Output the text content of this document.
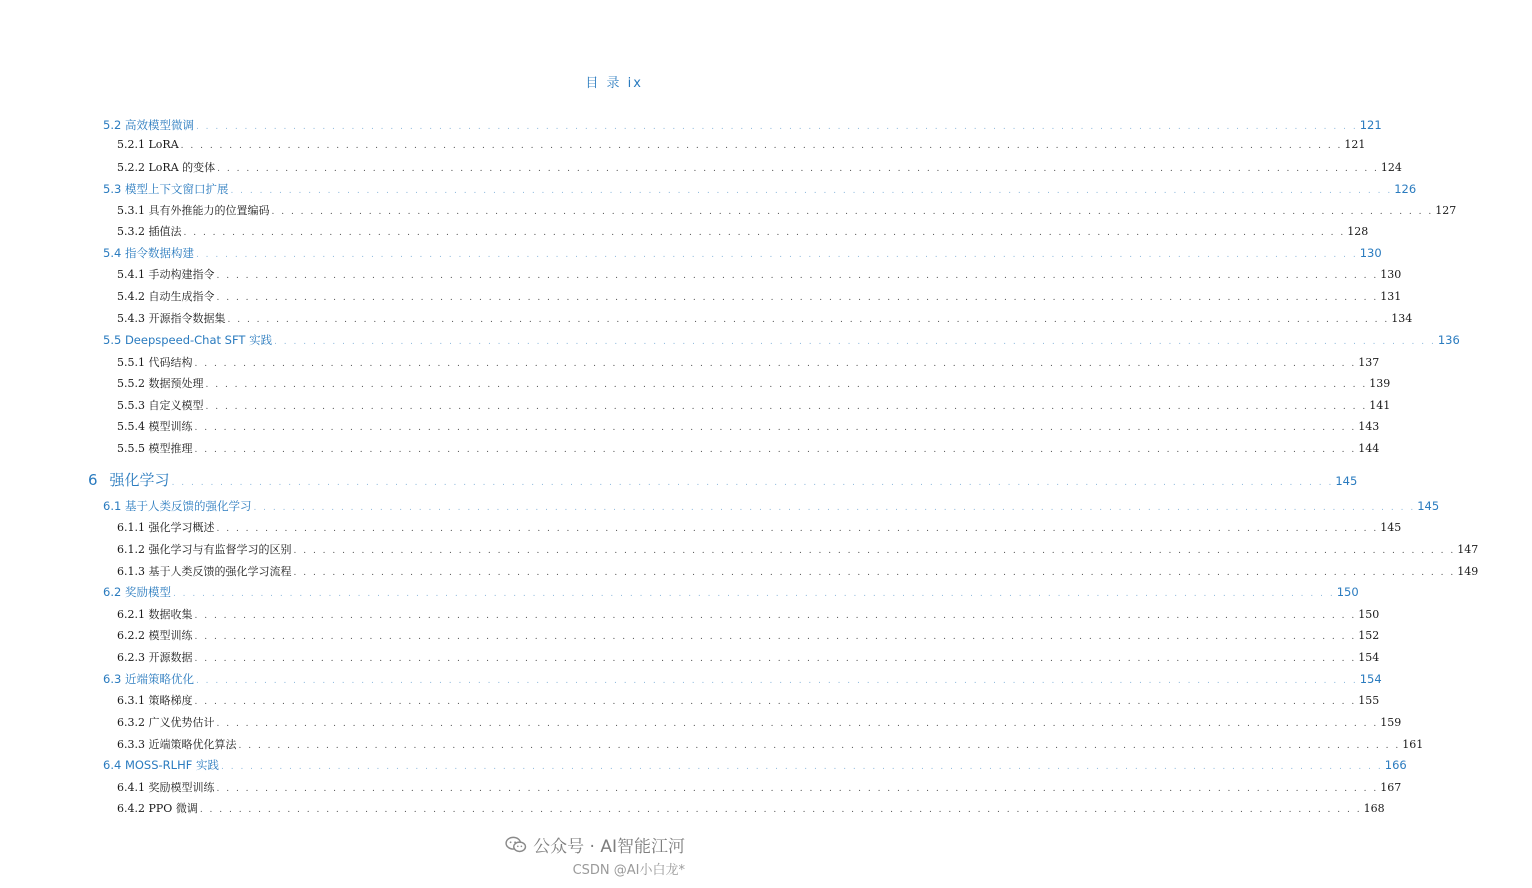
目 录 ix
5.2 高效模型微调 . . . . . . . . . . . . . . . . . . . . . . . . . . . . . . . . . . . . . . . . . . . . . . . . . . . . . . . . . . . . . . . . . . . . . . . . . . . . . . . . . . . . . . . . . . . . . . . . . . . . . . . . . . . . . . . . . . . . . . . . 121
5.2.1 LoRA . . . . . . . . . . . . . . . . . . . . . . . . . . . . . . . . . . . . . . . . . . . . . . . . . . . . . . . . . . . . . . . . . . . . . . . . . . . . . . . . . . . . . . . . . . . . . . . . . . . . . . . . . . . . . . . . . . . . . . . . 121
5.2.2 LoRA 的变体 . . . . . . . . . . . . . . . . . . . . . . . . . . . . . . . . . . . . . . . . . . . . . . . . . . . . . . . . . . . . . . . . . . . . . . . . . . . . . . . . . . . . . . . . . . . . . . . . . . . . . . . . . . . . . . . . . . . . . . . . 124
5.3 模型上下文窗口扩展 . . . . . . . . . . . . . . . . . . . . . . . . . . . . . . . . . . . . . . . . . . . . . . . . . . . . . . . . . . . . . . . . . . . . . . . . . . . . . . . . . . . . . . . . . . . . . . . . . . . . . . . . . . . . . . . . . . . . . . . . 126
5.3.1 具有外推能力的位置编码 . . . . . . . . . . . . . . . . . . . . . . . . . . . . . . . . . . . . . . . . . . . . . . . . . . . . . . . . . . . . . . . . . . . . . . . . . . . . . . . . . . . . . . . . . . . . . . . . . . . . . . . . . . . . . . . . . . . . . . . . 127
5.3.2 插值法 . . . . . . . . . . . . . . . . . . . . . . . . . . . . . . . . . . . . . . . . . . . . . . . . . . . . . . . . . . . . . . . . . . . . . . . . . . . . . . . . . . . . . . . . . . . . . . . . . . . . . . . . . . . . . . . . . . . . . . . . 128
5.4 指令数据构建 . . . . . . . . . . . . . . . . . . . . . . . . . . . . . . . . . . . . . . . . . . . . . . . . . . . . . . . . . . . . . . . . . . . . . . . . . . . . . . . . . . . . . . . . . . . . . . . . . . . . . . . . . . . . . . . . . . . . . . . . 130
5.4.1 手动构建指令 . . . . . . . . . . . . . . . . . . . . . . . . . . . . . . . . . . . . . . . . . . . . . . . . . . . . . . . . . . . . . . . . . . . . . . . . . . . . . . . . . . . . . . . . . . . . . . . . . . . . . . . . . . . . . . . . . . . . . . . . 130
5.4.2 自动生成指令 . . . . . . . . . . . . . . . . . . . . . . . . . . . . . . . . . . . . . . . . . . . . . . . . . . . . . . . . . . . . . . . . . . . . . . . . . . . . . . . . . . . . . . . . . . . . . . . . . . . . . . . . . . . . . . . . . . . . . . . . 131
5.4.3 开源指令数据集 . . . . . . . . . . . . . . . . . . . . . . . . . . . . . . . . . . . . . . . . . . . . . . . . . . . . . . . . . . . . . . . . . . . . . . . . . . . . . . . . . . . . . . . . . . . . . . . . . . . . . . . . . . . . . . . . . . . . . . . . 134
5.5 Deepspeed-Chat SFT 实践 . . . . . . . . . . . . . . . . . . . . . . . . . . . . . . . . . . . . . . . . . . . . . . . . . . . . . . . . . . . . . . . . . . . . . . . . . . . . . . . . . . . . . . . . . . . . . . . . . . . . . . . . . . . . . . . . . . . . . . . . 136
5.5.1 代码结构 . . . . . . . . . . . . . . . . . . . . . . . . . . . . . . . . . . . . . . . . . . . . . . . . . . . . . . . . . . . . . . . . . . . . . . . . . . . . . . . . . . . . . . . . . . . . . . . . . . . . . . . . . . . . . . . . . . . . . . . . 137
5.5.2 数据预处理 . . . . . . . . . . . . . . . . . . . . . . . . . . . . . . . . . . . . . . . . . . . . . . . . . . . . . . . . . . . . . . . . . . . . . . . . . . . . . . . . . . . . . . . . . . . . . . . . . . . . . . . . . . . . . . . . . . . . . . . . 139
5.5.3 自定义模型 . . . . . . . . . . . . . . . . . . . . . . . . . . . . . . . . . . . . . . . . . . . . . . . . . . . . . . . . . . . . . . . . . . . . . . . . . . . . . . . . . . . . . . . . . . . . . . . . . . . . . . . . . . . . . . . . . . . . . . . . 141
5.5.4 模型训练 . . . . . . . . . . . . . . . . . . . . . . . . . . . . . . . . . . . . . . . . . . . . . . . . . . . . . . . . . . . . . . . . . . . . . . . . . . . . . . . . . . . . . . . . . . . . . . . . . . . . . . . . . . . . . . . . . . . . . . . . 143
5.5.5 模型推理 . . . . . . . . . . . . . . . . . . . . . . . . . . . . . . . . . . . . . . . . . . . . . . . . . . . . . . . . . . . . . . . . . . . . . . . . . . . . . . . . . . . . . . . . . . . . . . . . . . . . . . . . . . . . . . . . . . . . . . . . 144
6 强化学习 . . . . . . . . . . . . . . . . . . . . . . . . . . . . . . . . . . . . . . . . . . . . . . . . . . . . . . . . . . . . . . . . . . . . . . . . . . . . . . . . . . . . . . . . . . . . . . . . . . . . . . . . . . . . . . . . . . . . . . . . 145
6.1 基于人类反馈的强化学习 . . . . . . . . . . . . . . . . . . . . . . . . . . . . . . . . . . . . . . . . . . . . . . . . . . . . . . . . . . . . . . . . . . . . . . . . . . . . . . . . . . . . . . . . . . . . . . . . . . . . . . . . . . . . . . . . . . . . . . . . 145
6.1.1 强化学习概述 . . . . . . . . . . . . . . . . . . . . . . . . . . . . . . . . . . . . . . . . . . . . . . . . . . . . . . . . . . . . . . . . . . . . . . . . . . . . . . . . . . . . . . . . . . . . . . . . . . . . . . . . . . . . . . . . . . . . . . . . 145
6.1.2 强化学习与有监督学习的区别 . . . . . . . . . . . . . . . . . . . . . . . . . . . . . . . . . . . . . . . . . . . . . . . . . . . . . . . . . . . . . . . . . . . . . . . . . . . . . . . . . . . . . . . . . . . . . . . . . . . . . . . . . . . . . . . . . . . . . . . . 147
6.1.3 基于人类反馈的强化学习流程 . . . . . . . . . . . . . . . . . . . . . . . . . . . . . . . . . . . . . . . . . . . . . . . . . . . . . . . . . . . . . . . . . . . . . . . . . . . . . . . . . . . . . . . . . . . . . . . . . . . . . . . . . . . . . . . . . . . . . . . . 149
6.2 奖励模型 . . . . . . . . . . . . . . . . . . . . . . . . . . . . . . . . . . . . . . . . . . . . . . . . . . . . . . . . . . . . . . . . . . . . . . . . . . . . . . . . . . . . . . . . . . . . . . . . . . . . . . . . . . . . . . . . . . . . . . . . 150
6.2.1 数据收集 . . . . . . . . . . . . . . . . . . . . . . . . . . . . . . . . . . . . . . . . . . . . . . . . . . . . . . . . . . . . . . . . . . . . . . . . . . . . . . . . . . . . . . . . . . . . . . . . . . . . . . . . . . . . . . . . . . . . . . . . 150
6.2.2 模型训练 . . . . . . . . . . . . . . . . . . . . . . . . . . . . . . . . . . . . . . . . . . . . . . . . . . . . . . . . . . . . . . . . . . . . . . . . . . . . . . . . . . . . . . . . . . . . . . . . . . . . . . . . . . . . . . . . . . . . . . . . 152
6.2.3 开源数据 . . . . . . . . . . . . . . . . . . . . . . . . . . . . . . . . . . . . . . . . . . . . . . . . . . . . . . . . . . . . . . . . . . . . . . . . . . . . . . . . . . . . . . . . . . . . . . . . . . . . . . . . . . . . . . . . . . . . . . . . 154
6.3 近端策略优化 . . . . . . . . . . . . . . . . . . . . . . . . . . . . . . . . . . . . . . . . . . . . . . . . . . . . . . . . . . . . . . . . . . . . . . . . . . . . . . . . . . . . . . . . . . . . . . . . . . . . . . . . . . . . . . . . . . . . . . . . 154
6.3.1 策略梯度 . . . . . . . . . . . . . . . . . . . . . . . . . . . . . . . . . . . . . . . . . . . . . . . . . . . . . . . . . . . . . . . . . . . . . . . . . . . . . . . . . . . . . . . . . . . . . . . . . . . . . . . . . . . . . . . . . . . . . . . . 155
6.3.2 广义优势估计 . . . . . . . . . . . . . . . . . . . . . . . . . . . . . . . . . . . . . . . . . . . . . . . . . . . . . . . . . . . . . . . . . . . . . . . . . . . . . . . . . . . . . . . . . . . . . . . . . . . . . . . . . . . . . . . . . . . . . . . . 159
6.3.3 近端策略优化算法 . . . . . . . . . . . . . . . . . . . . . . . . . . . . . . . . . . . . . . . . . . . . . . . . . . . . . . . . . . . . . . . . . . . . . . . . . . . . . . . . . . . . . . . . . . . . . . . . . . . . . . . . . . . . . . . . . . . . . . . . 161
6.4 MOSS-RLHF 实践 . . . . . . . . . . . . . . . . . . . . . . . . . . . . . . . . . . . . . . . . . . . . . . . . . . . . . . . . . . . . . . . . . . . . . . . . . . . . . . . . . . . . . . . . . . . . . . . . . . . . . . . . . . . . . . . . . . . . . . . . 166
6.4.1 奖励模型训练 . . . . . . . . . . . . . . . . . . . . . . . . . . . . . . . . . . . . . . . . . . . . . . . . . . . . . . . . . . . . . . . . . . . . . . . . . . . . . . . . . . . . . . . . . . . . . . . . . . . . . . . . . . . . . . . . . . . . . . . . 167
6.4.2 PPO 微调 . . . . . . . . . . . . . . . . . . . . . . . . . . . . . . . . . . . . . . . . . . . . . . . . . . . . . . . . . . . . . . . . . . . . . . . . . . . . . . . . . . . . . . . . . . . . . . . . . . . . . . . . . . . . . . . . . . . . . . . . 168
公众号 · AI智能江河
CSDN @AI小白龙*
